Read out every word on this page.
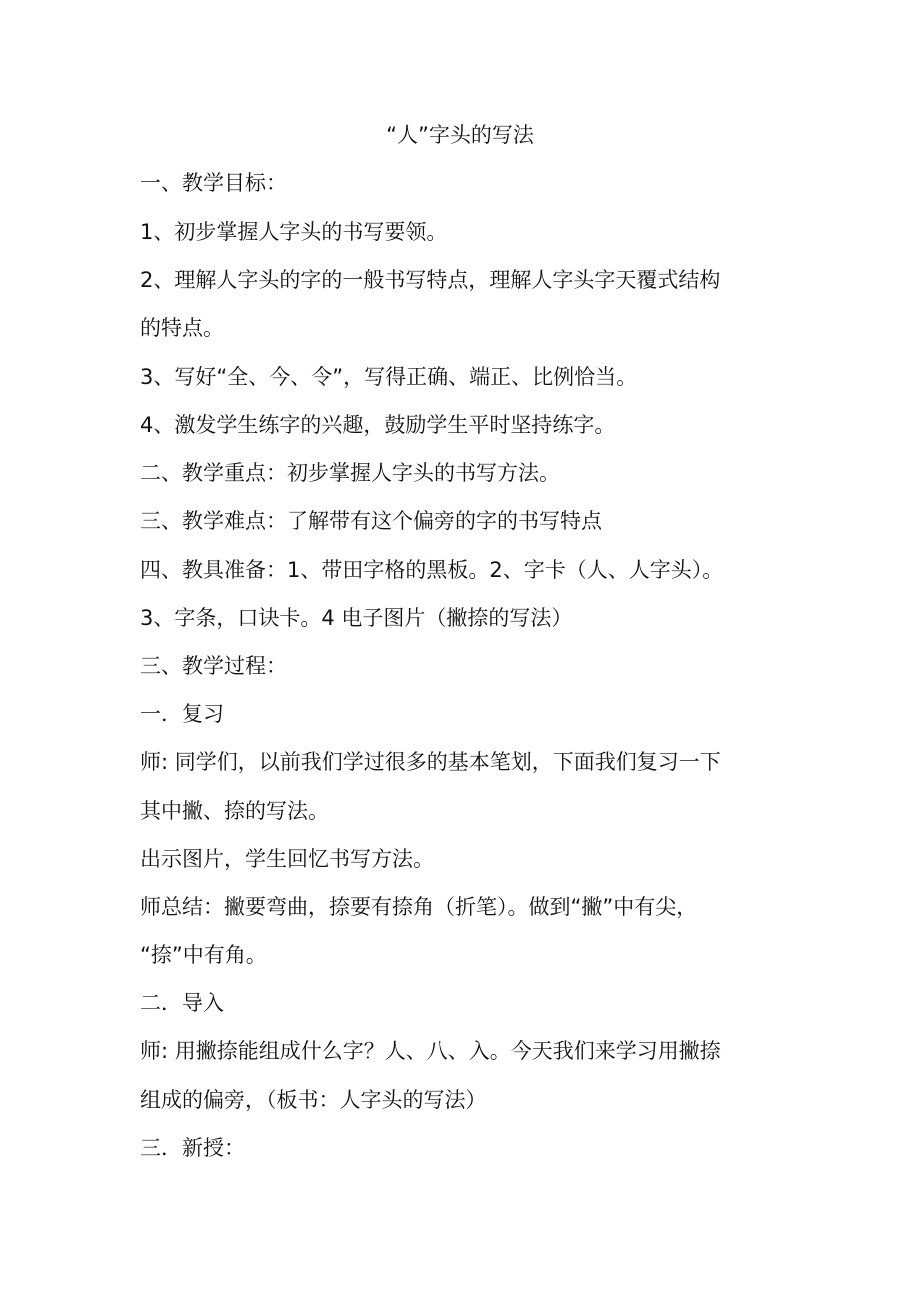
“人”字头的写法
一、教学目标：
1、初步掌握人字头的书写要领。
2、理解人字头的字的一般书写特点，理解人字头字天覆式结构
的特点。
3、写好“全、今、令”，写得正确、端正、比例恰当。
4、激发学生练字的兴趣，鼓励学生平时坚持练字。
二、教学重点：初步掌握人字头的书写方法。
三、教学难点：了解带有这个偏旁的字的书写特点
四、教具准备：1、带田字格的黑板。2、字卡（人、人字头）。
3、字条，口诀卡。4 电子图片（撇捺的写法）
三、教学过程：
一．复习
师: 同学们，以前我们学过很多的基本笔划，下面我们复习一下
其中撇、捺的写法。
出示图片，学生回忆书写方法。
师总结：撇要弯曲，捺要有捺角（折笔）。做到“撇”中有尖，
“捺”中有角。
二．导入
师: 用撇捺能组成什么字？人、八、入。今天我们来学习用撇捺
组成的偏旁，（板书：人字头的写法）
三．新授：
